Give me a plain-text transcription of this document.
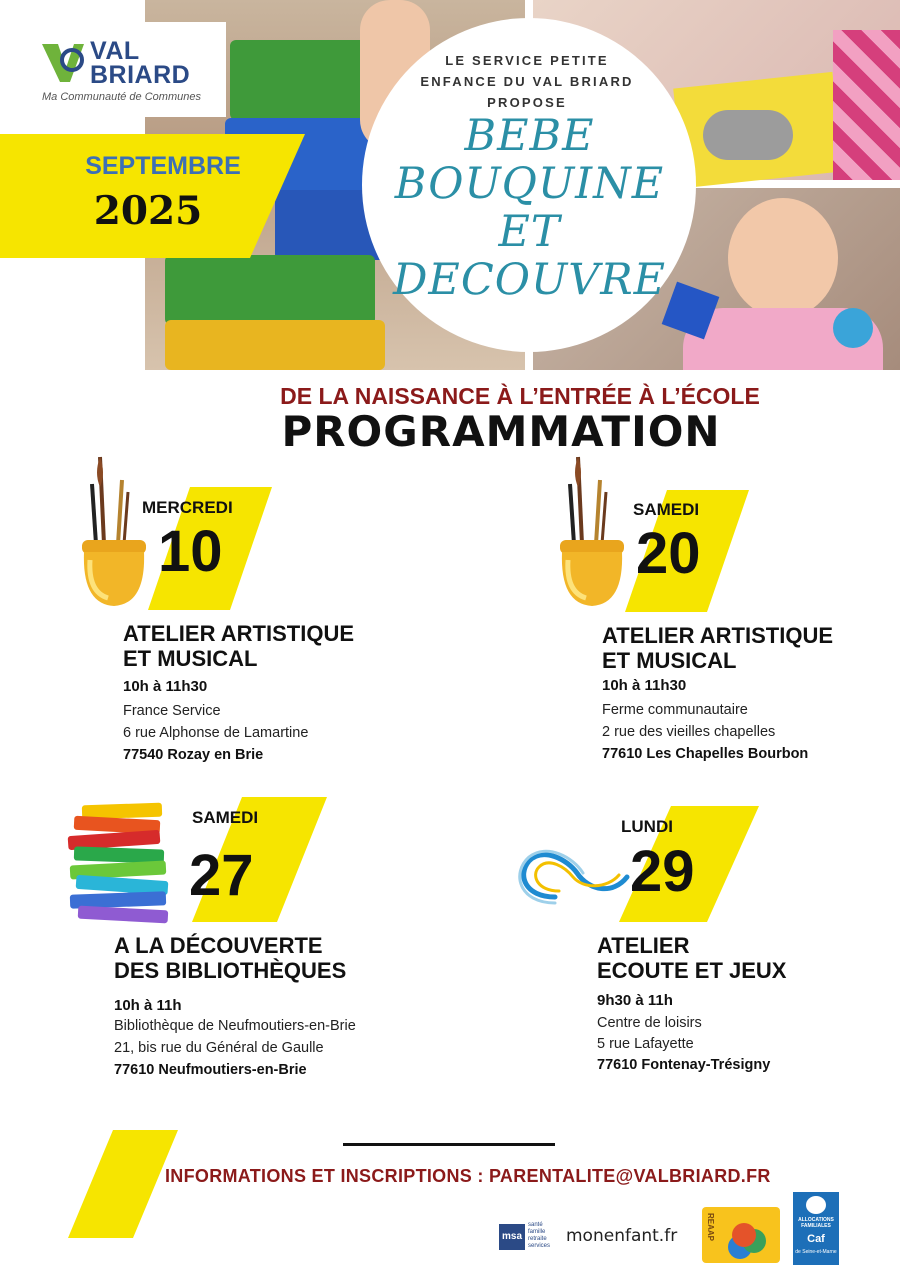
VAL
BRIARD
Ma Communauté de Communes
SEPTEMBRE
2025
LE SERVICE PETITE ENFANCE DU VAL BRIARD PROPOSE
BEBE
BOUQUINE
ET
DECOUVRE
DE LA NAISSANCE À L’ENTRÉE À L’ÉCOLE
PROGRAMMATION
MERCREDI
10
ATELIER ARTISTIQUE
ET MUSICAL
10h à 11h30
France Service
6 rue Alphonse de Lamartine
77540 Rozay en Brie
SAMEDI
20
ATELIER ARTISTIQUE
ET MUSICAL
10h à 11h30
Ferme communautaire
2 rue des vieilles chapelles
77610 Les Chapelles Bourbon
SAMEDI
27
A LA DÉCOUVERTE
DES BIBLIOTHÈQUES
10h à 11h
Bibliothèque de Neufmoutiers-en-Brie
21, bis rue du Général de Gaulle
77610 Neufmoutiers-en-Brie
LUNDI
29
ATELIER
ECOUTE ET JEUX
9h30 à 11h
Centre de loisirs
5 rue Lafayette
77610 Fontenay-Trésigny
INFORMATIONS ET INSCRIPTIONS : PARENTALITE@VALBRIARD.FR
msa
santé
famille
retraite
services monenfant.fr	REAAP	ALLOCATIONS FAMILIALES
Caf
de Seine-et-Marne
